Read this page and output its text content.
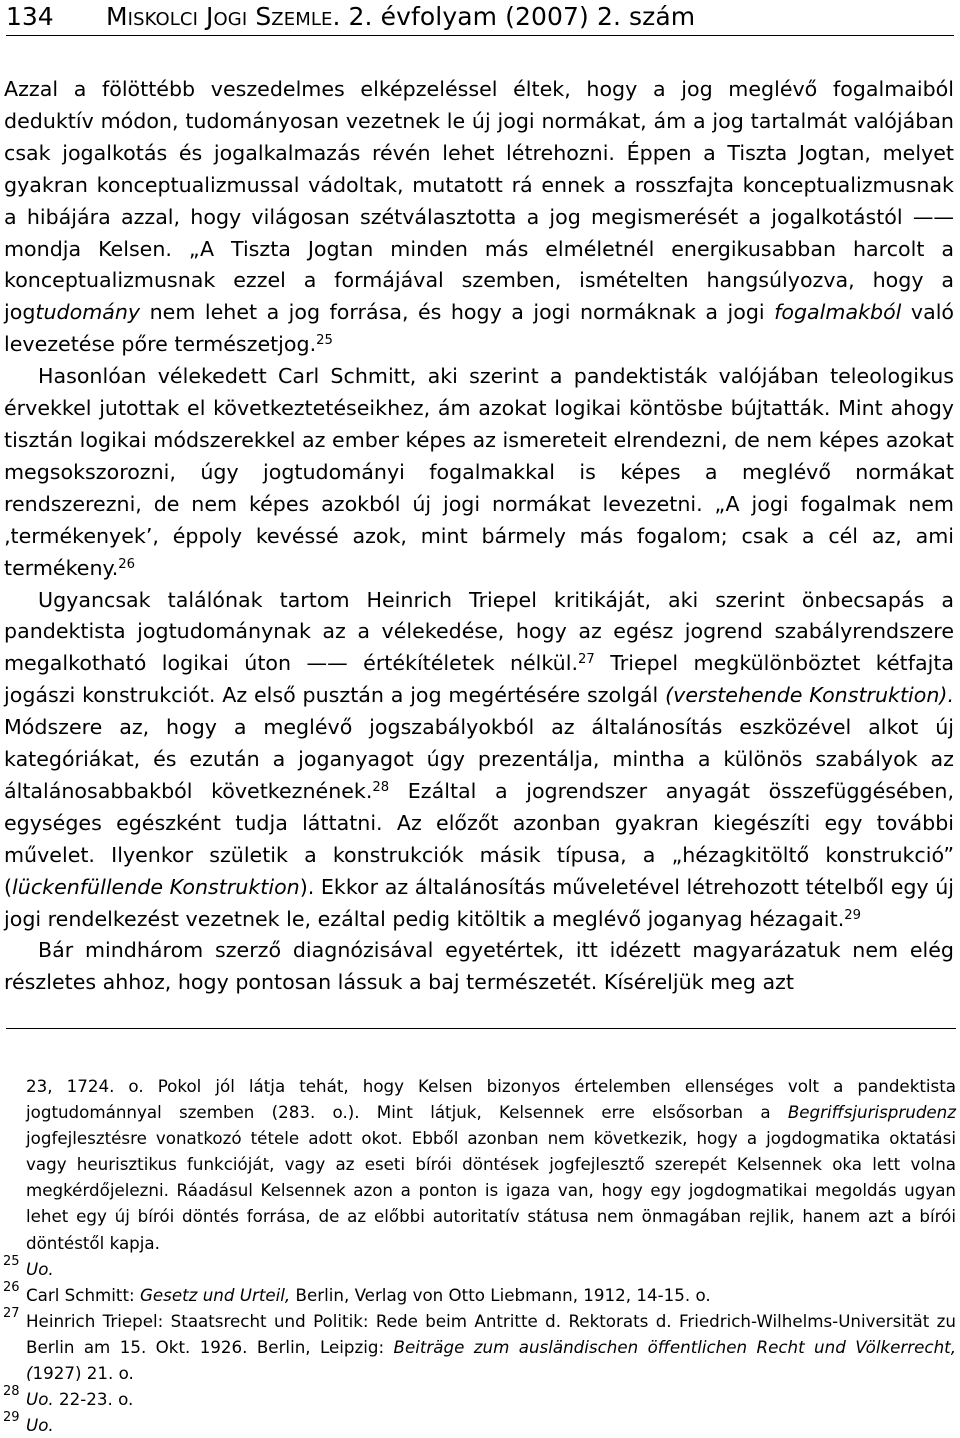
134 Miskolci Jogi Szemle. 2. évfolyam (2007) 2. szám

Azzal a fölöttébb veszedelmes elképzeléssel éltek, hogy a jog meglévő fogalmaiból deduktív módon, tudományosan vezetnek le új jogi normákat, ám a jog tartalmát valójában csak jogalkotás és jogalkalmazás révén lehet létrehozni. Éppen a Tiszta Jogtan, melyet gyakran konceptualizmussal vádoltak, mutatott rá ennek a rosszfajta konceptualizmusnak a hibájára azzal, hogy világosan szétválasztotta a jog megismerését a jogalkotástól —— mondja Kelsen. „A Tiszta Jogtan minden más elméletnél energikusabban harcolt a konceptualizmusnak ezzel a formájával szemben, ismételten hangsúlyozva, hogy a jogtudomány nem lehet a jog forrása, és hogy a jogi normáknak a jogi fogalmakból való levezetése pőre természetjog.$^{25}$

Hasonlóan vélekedett Carl Schmitt, aki szerint a pandektisták valójában teleologikus érvekkel jutottak el következtetéseikhez, ám azokat logikai köntösbe bújtatták. Mint ahogy tisztán logikai módszerekkel az ember képes az ismereteit elrendezni, de nem képes azokat megsokszorozni, úgy jogtudományi fogalmakkal is képes a meglévő normákat rendszerezni, de nem képes azokból új jogi normákat levezetni. „A jogi fogalmak nem ‚termékenyek’, éppoly kevéssé azok, mint bármely más fogalom; csak a cél az, ami termékeny.$^{26}$

Ugyancsak találónak tartom Heinrich Triepel kritikáját, aki szerint önbecsapás a pandektista jogtudománynak az a vélekedése, hogy az egész jogrend szabályrendszere megalkotható logikai úton —— értékítéletek nélkül.$^{27}$ Triepel megkülönböztet kétfajta jogászi konstrukciót. Az első pusztán a jog megértésére szolgál (verstehende Konstruktion). Módszere az, hogy a meglévő jogszabályokból az általánosítás eszközével alkot új kategóriákat, és ezután a joganyagot úgy prezentálja, mintha a különös szabályok az általánosabbakból következnének.$^{28}$ Ezáltal a jogrendszer anyagát összefüggésében, egységes egészként tudja láttatni. Az előzőt azonban gyakran kiegészíti egy további művelet. Ilyenkor születik a konstrukciók másik típusa, a „hézagkitöltő konstrukció” (lückenfüllende Konstruktion). Ekkor az általánosítás műveletével létrehozott tételből egy új jogi rendelkezést vezetnek le, ezáltal pedig kitöltik a meglévő joganyag hézagait.$^{29}$

Bár mindhárom szerző diagnózisával egyetértek, itt idézett magyarázatuk nem elég részletes ahhoz, hogy pontosan lássuk a baj természetét. Kíséreljük meg azt

23, 1724. o. Pokol jól látja tehát, hogy Kelsen bizonyos értelemben ellenséges volt a pandektista jogtudománnyal szemben (283. o.). Mint látjuk, Kelsennek erre elsősorban a Begriffsjurisprudenz jogfejlesztésre vonatkozó tétele adott okot. Ebből azonban nem következik, hogy a jogdogmatika oktatási vagy heurisztikus funkcióját, vagy az eseti bírói döntések jogfejlesztő szerepét Kelsennek oka lett volna megkérdőjelezni. Ráadásul Kelsennek azon a ponton is igaza van, hogy egy jogdogmatikai megoldás ugyan lehet egy új bírói döntés forrása, de az előbbi autoritatív státusa nem önmagában rejlik, hanem azt a bírói döntéstől kapja.
25 Uo.
26 Carl Schmitt: Gesetz und Urteil, Berlin, Verlag von Otto Liebmann, 1912, 14-15. o.
27 Heinrich Triepel: Staatsrecht und Politik: Rede beim Antritte d. Rektorats d. Friedrich-Wilhelms-Universität zu Berlin am 15. Okt. 1926. Berlin, Leipzig: Beiträge zum ausländischen öffentlichen Recht und Völkerrecht, (1927) 21. o.
28 Uo. 22-23. o.
29 Uo.
